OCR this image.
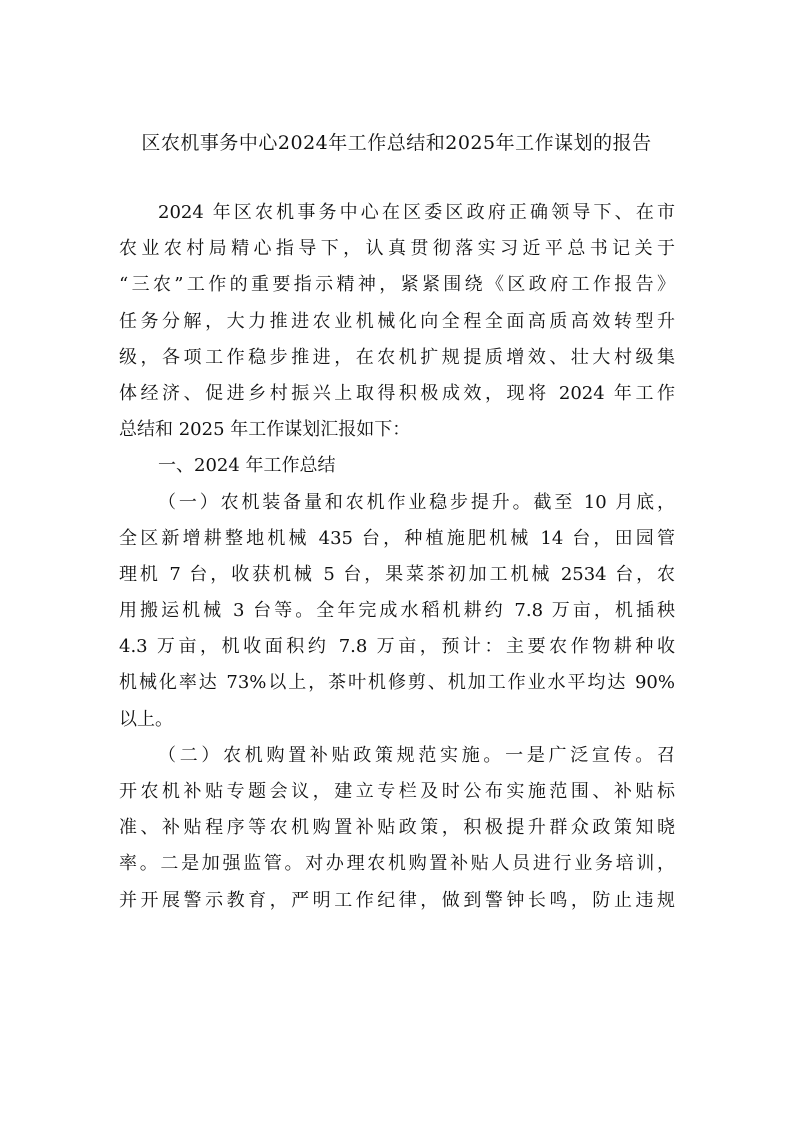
区农机事务中心2024年工作总结和2025年工作谋划的报告
2024 年区农机事务中心在区委区政府正确领导下、在市
农业农村局精心指导下，认真贯彻落实习近平总书记关于
“三农”工作的重要指示精神，紧紧围绕《区政府工作报告》
任务分解，大力推进农业机械化向全程全面高质高效转型升
级，各项工作稳步推进，在农机扩规提质增效、壮大村级集
体经济、促进乡村振兴上取得积极成效，现将 2024 年工作
总结和 2025 年工作谋划汇报如下：
一、2024 年工作总结
（一）农机装备量和农机作业稳步提升。截至 10 月底，
全区新增耕整地机械 435 台，种植施肥机械 14 台，田园管
理机 7 台，收获机械 5 台，果菜茶初加工机械 2534 台，农
用搬运机械 3 台等。全年完成水稻机耕约 7.8 万亩，机插秧
4.3 万亩，机收面积约 7.8 万亩，预计：主要农作物耕种收
机械化率达 73%以上，茶叶机修剪、机加工作业水平均达 90%
以上。
（二）农机购置补贴政策规范实施。一是广泛宣传。召
开农机补贴专题会议，建立专栏及时公布实施范围、补贴标
准、补贴程序等农机购置补贴政策，积极提升群众政策知晓
率。二是加强监管。对办理农机购置补贴人员进行业务培训，
并开展警示教育，严明工作纪律，做到警钟长鸣，防止违规
